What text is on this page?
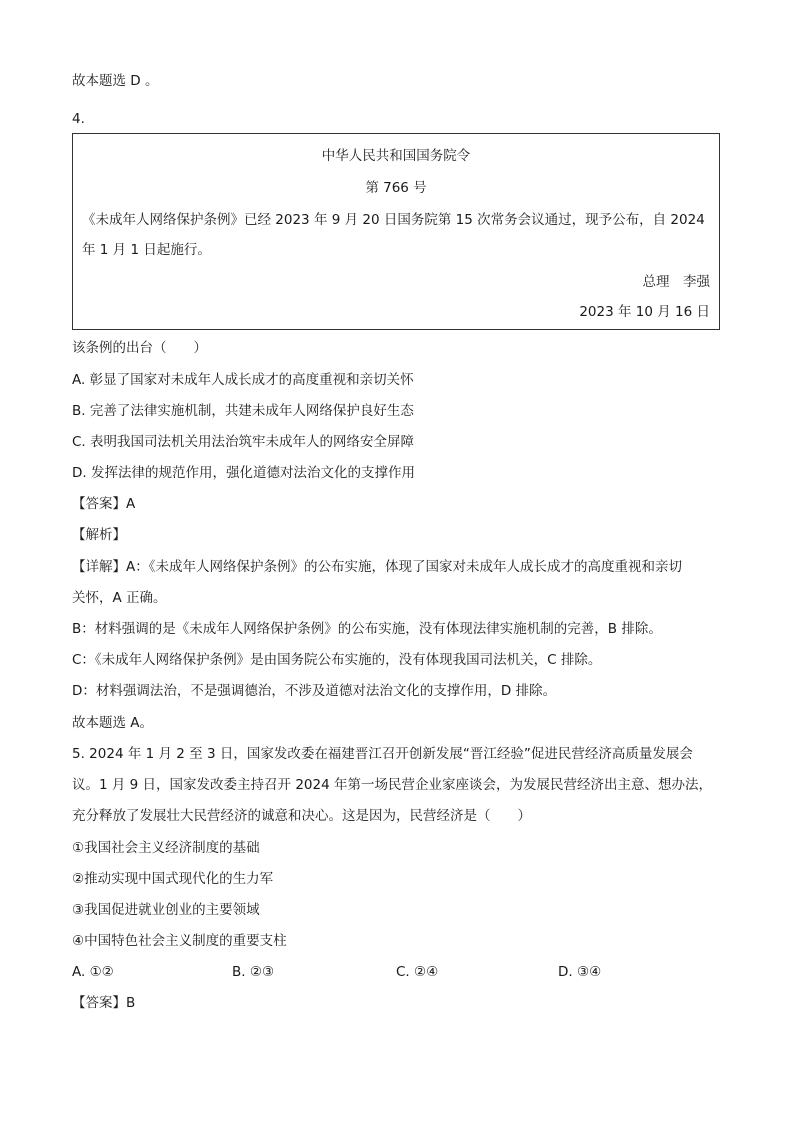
故本题选 D 。
4.
中华人民共和国国务院令
第 766 号
《未成年人网络保护条例》已经 2023 年 9 月 20 日国务院第 15 次常务会议通过，现予公布，自 2024
年 1 月 1 日起施行。
总理　李强
2023 年 10 月 16 日
该条例的出台（　　）
A. 彰显了国家对未成年人成长成才的高度重视和亲切关怀
B. 完善了法律实施机制，共建未成年人网络保护良好生态
C. 表明我国司法机关用法治筑牢未成年人的网络安全屏障
D. 发挥法律的规范作用，强化道德对法治文化的支撑作用
【答案】A
【解析】
【详解】A：《未成年人网络保护条例》的公布实施，体现了国家对未成年人成长成才的高度重视和亲切
关怀，A 正确。
B：材料强调的是《未成年人网络保护条例》的公布实施，没有体现法律实施机制的完善，B 排除。
C：《未成年人网络保护条例》是由国务院公布实施的，没有体现我国司法机关，C 排除。
D：材料强调法治，不是强调德治，不涉及道德对法治文化的支撑作用，D 排除。
故本题选 A。
5. 2024 年 1 月 2 至 3 日，国家发改委在福建晋江召开创新发展“晋江经验”促进民营经济高质量发展会
议。1 月 9 日，国家发改委主持召开 2024 年第一场民营企业家座谈会，为发展民营经济出主意、想办法，
充分释放了发展壮大民营经济的诚意和决心。这是因为，民营经济是（　　）
①我国社会主义经济制度的基础
②推动实现中国式现代化的生力军
③我国促进就业创业的主要领域
④中国特色社会主义制度的重要支柱
A. ①②	B. ②③	C. ②④	D. ③④
【答案】B
